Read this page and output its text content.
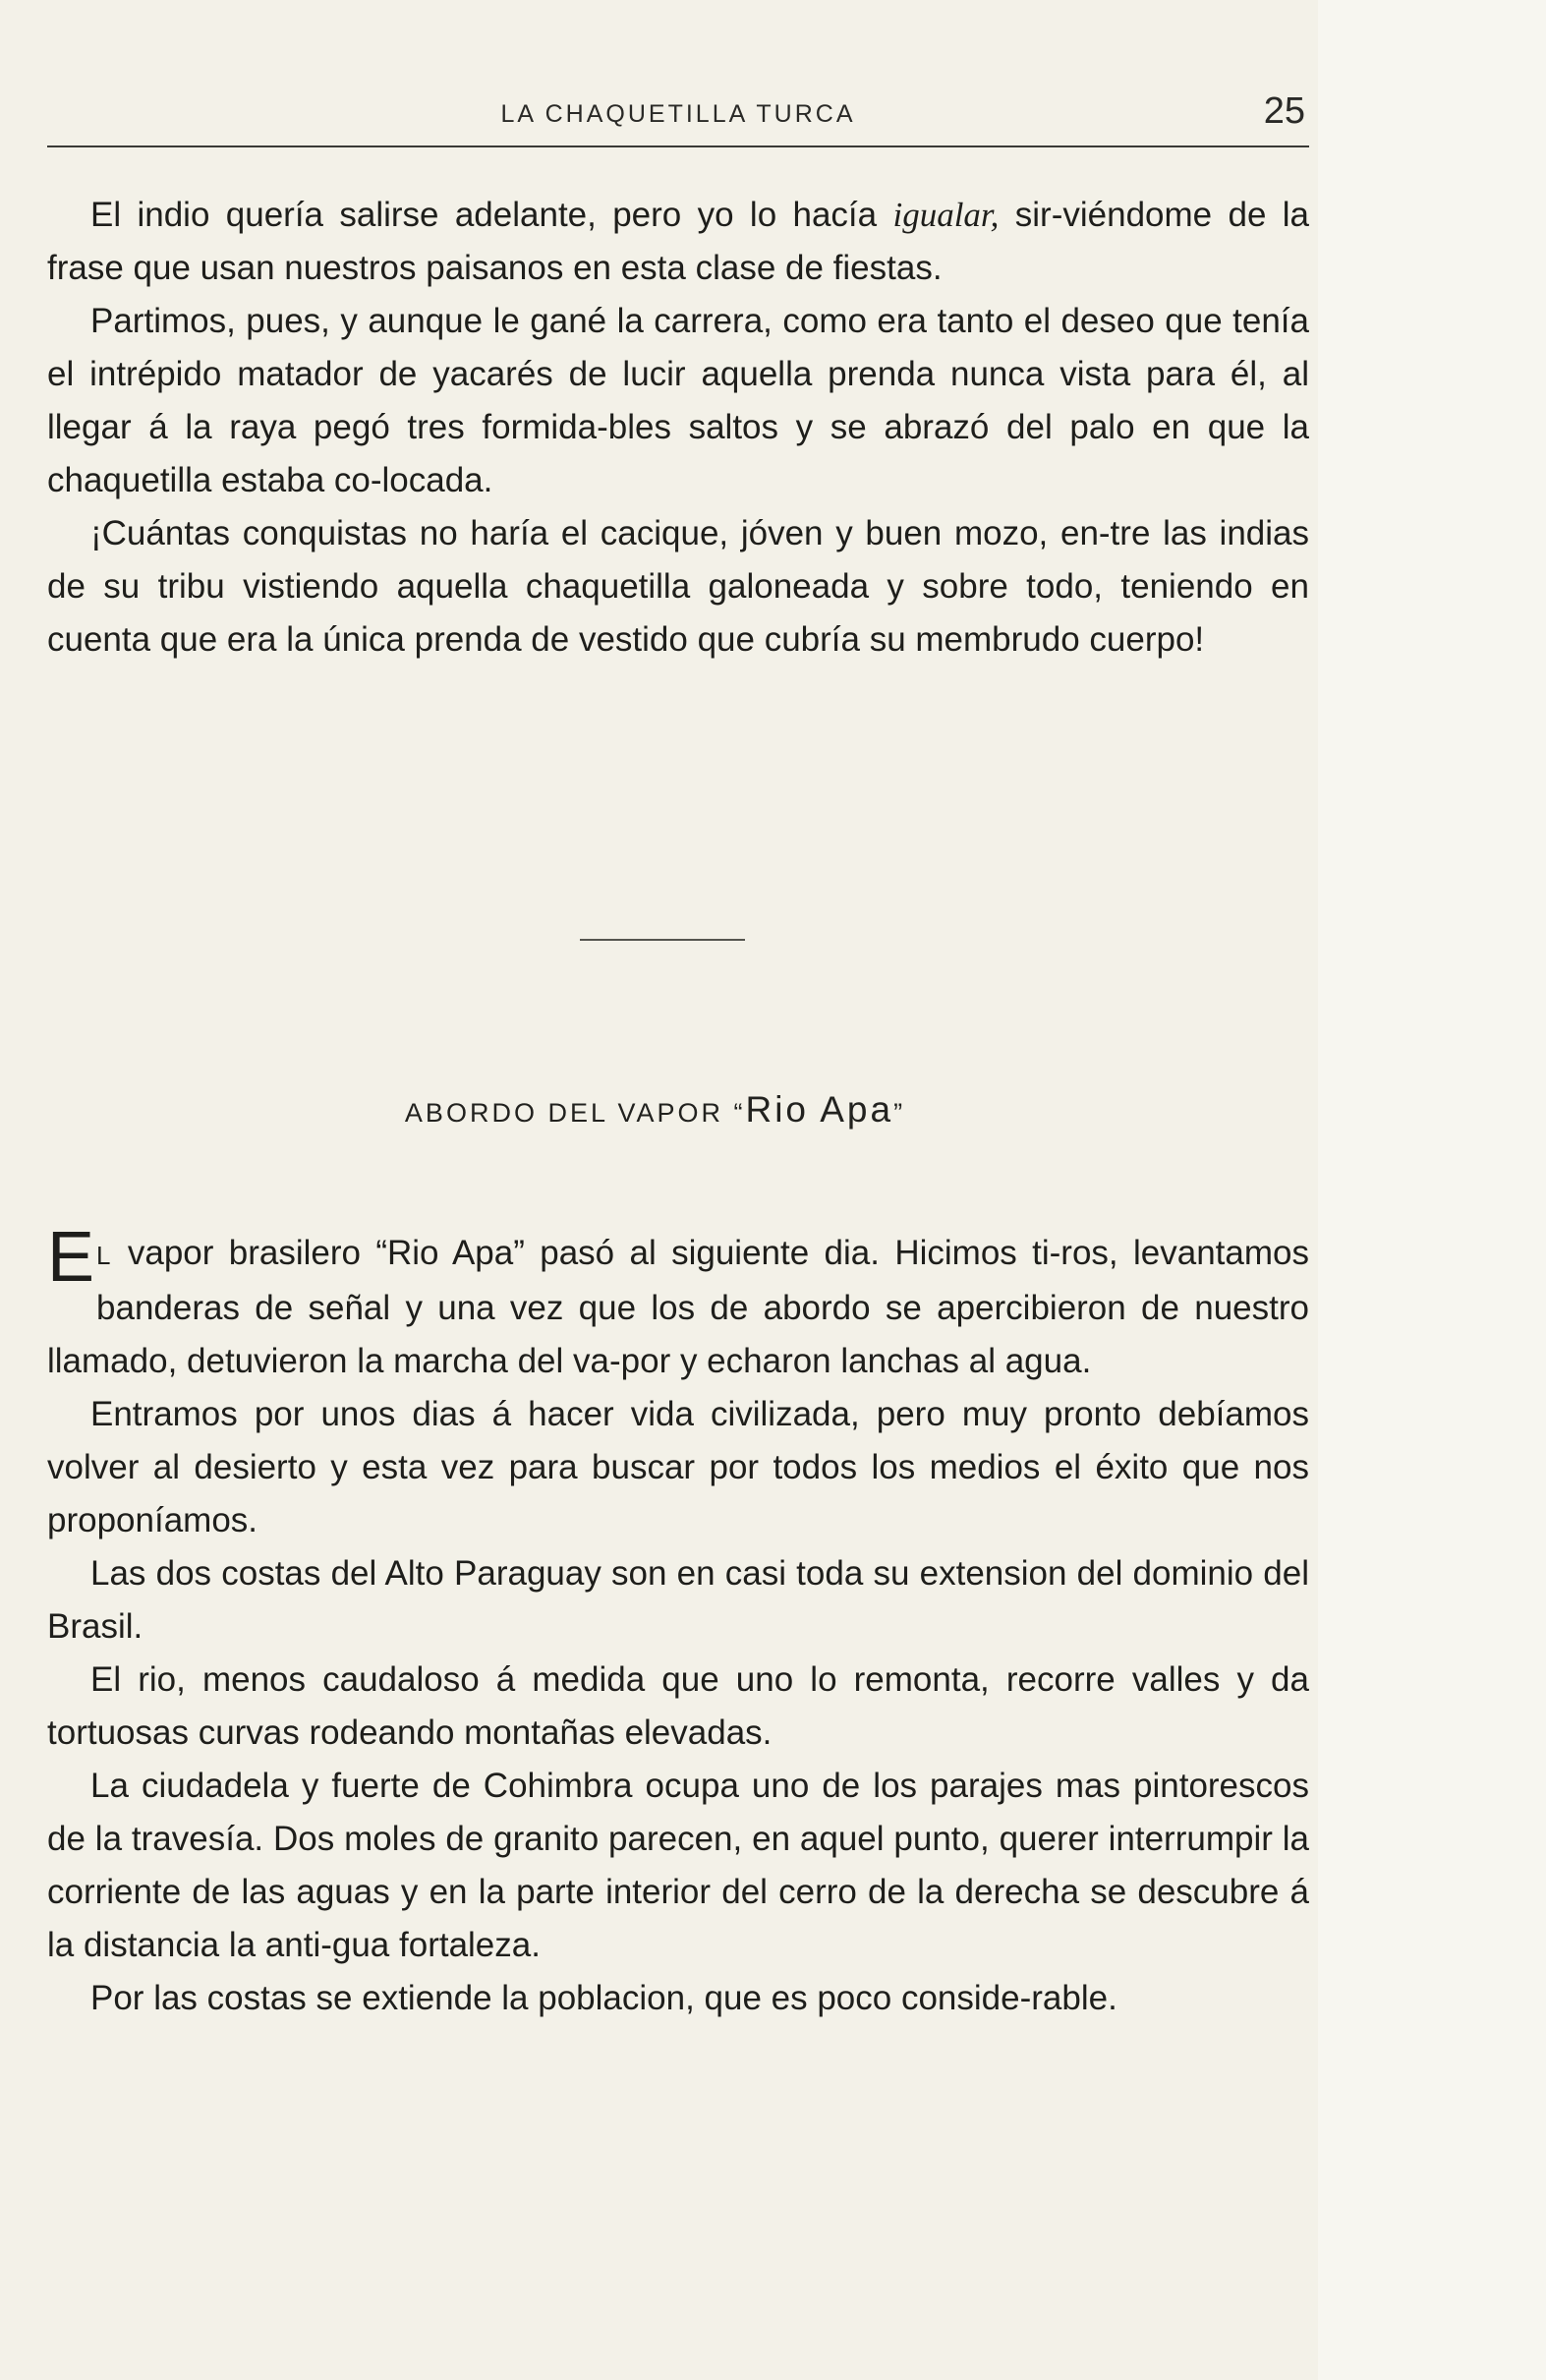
LA CHAQUETILLA TURCA	25

El indio quería salirse adelante, pero yo lo hacía igualar, sir-viéndome de la frase que usan nuestros paisanos en esta clase de fiestas.

Partimos, pues, y aunque le gané la carrera, como era tanto el deseo que tenía el intrépido matador de yacarés de lucir aquella prenda nunca vista para él, al llegar á la raya pegó tres formida-bles saltos y se abrazó del palo en que la chaquetilla estaba co-locada.

¡Cuántas conquistas no haría el cacique, jóven y buen mozo, en-tre las indias de su tribu vistiendo aquella chaquetilla galoneada y sobre todo, teniendo en cuenta que era la única prenda de vestido que cubría su membrudo cuerpo!

ABORDO DEL VAPOR “Rio Apa”

E L vapor brasilero “Rio Apa” pasó al siguiente dia. Hicimos ti-ros, levantamos banderas de señal y una vez que los de abordo se apercibieron de nuestro llamado, detuvieron la marcha del va-por y echaron lanchas al agua.

Entramos por unos dias á hacer vida civilizada, pero muy pronto debíamos volver al desierto y esta vez para buscar por todos los medios el éxito que nos proponíamos.

Las dos costas del Alto Paraguay son en casi toda su extension del dominio del Brasil.

El rio, menos caudaloso á medida que uno lo remonta, recorre valles y da tortuosas curvas rodeando montañas elevadas.

La ciudadela y fuerte de Cohimbra ocupa uno de los parajes mas pintorescos de la travesía. Dos moles de granito parecen, en aquel punto, querer interrumpir la corriente de las aguas y en la parte interior del cerro de la derecha se descubre á la distancia la anti-gua fortaleza.

Por las costas se extiende la poblacion, que es poco conside-rable.
